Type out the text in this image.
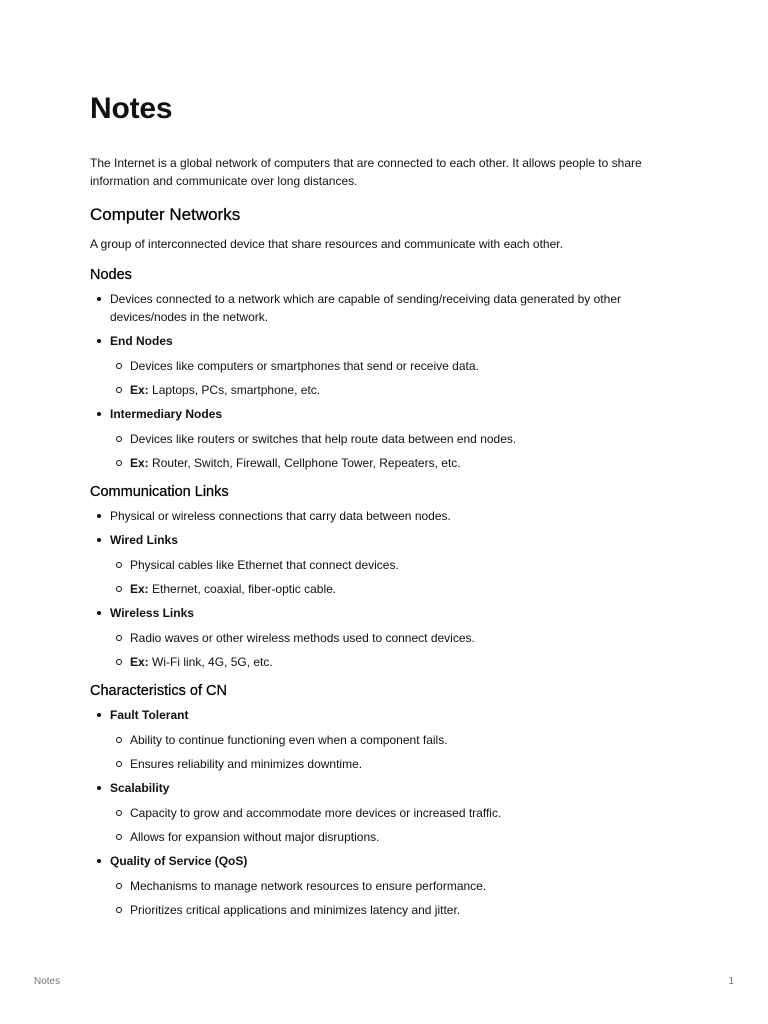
Notes

The Internet is a global network of computers that are connected to each other. It allows people to share information and communicate over long distances.

Computer Networks

A group of interconnected device that share resources and communicate with each other.

Nodes
Devices connected to a network which are capable of sending/receiving data generated by other devices/nodes in the network.
End Nodes
Devices like computers or smartphones that send or receive data.
Ex: Laptops, PCs, smartphone, etc.
Intermediary Nodes
Devices like routers or switches that help route data between end nodes.
Ex: Router, Switch, Firewall, Cellphone Tower, Repeaters, etc.
Communication Links
Physical or wireless connections that carry data between nodes.
Wired Links
Physical cables like Ethernet that connect devices.
Ex: Ethernet, coaxial, fiber-optic cable.
Wireless Links
Radio waves or other wireless methods used to connect devices.
Ex: Wi-Fi link, 4G, 5G, etc.
Characteristics of CN
Fault Tolerant
Ability to continue functioning even when a component fails.
Ensures reliability and minimizes downtime.
Scalability
Capacity to grow and accommodate more devices or increased traffic.
Allows for expansion without major disruptions.
Quality of Service (QoS)
Mechanisms to manage network resources to ensure performance.
Prioritizes critical applications and minimizes latency and jitter.
Notes	1
